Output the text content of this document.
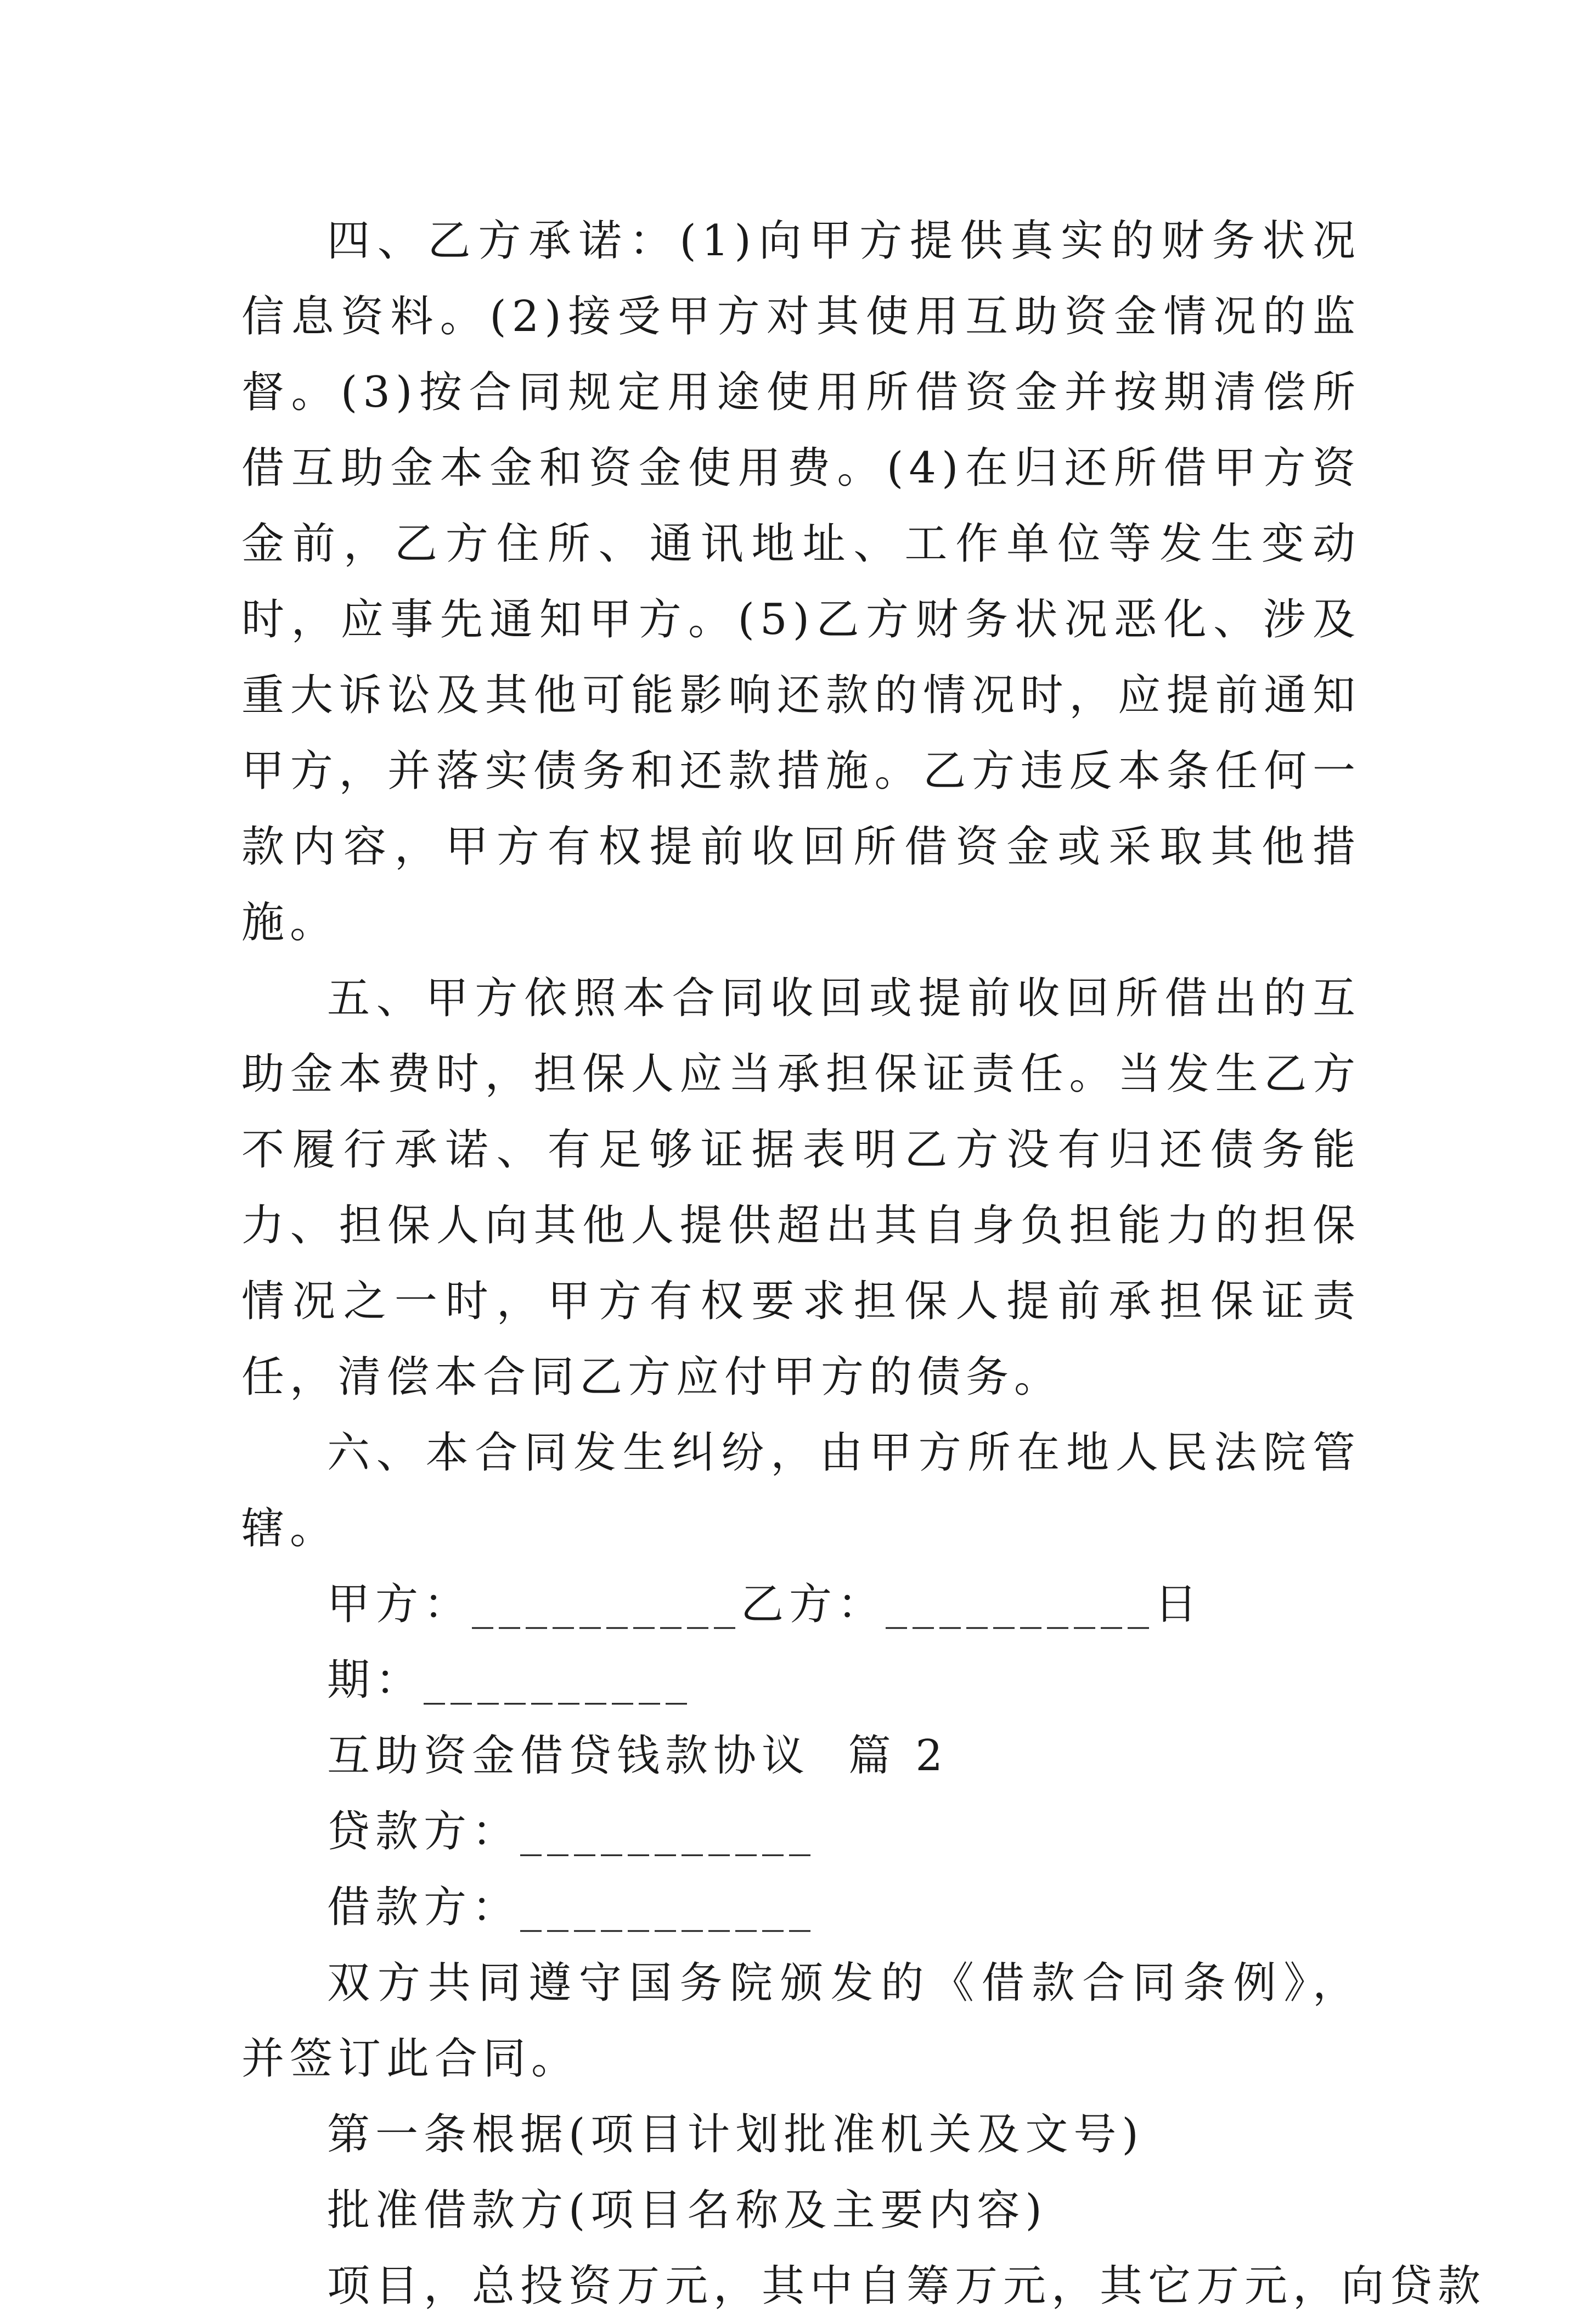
四、乙方承诺：(1)向甲方提供真实的财务状况信息资料。(2)接受甲方对其使用互助资金情况的监督。(3)按合同规定用途使用所借资金并按期清偿所借互助金本金和资金使用费。(4)在归还所借甲方资金前，乙方住所、通讯地址、工作单位等发生变动时，应事先通知甲方。(5)乙方财务状况恶化、涉及重大诉讼及其他可能影响还款的情况时，应提前通知甲方，并落实债务和还款措施。乙方违反本条任何一款内容，甲方有权提前收回所借资金或采取其他措施。

五、甲方依照本合同收回或提前收回所借出的互助金本费时，担保人应当承担保证责任。当发生乙方不履行承诺、有足够证据表明乙方没有归还债务能力、担保人向其他人提供超出其自身负担能力的担保情况之一时，甲方有权要求担保人提前承担保证责任，清偿本合同乙方应付甲方的债务。

六、本合同发生纠纷，由甲方所在地人民法院管辖。

甲方：__________乙方：__________日

期：__________

互助资金借贷钱款协议  篇 2

贷款方：___________

借款方：___________

双方共同遵守国务院颁发的《借款合同条例》，并签订此合同。

第一条根据(项目计划批准机关及文号)

批准借款方(项目名称及主要内容)

项目，总投资万元，其中自筹万元，其它万元，向贷款
